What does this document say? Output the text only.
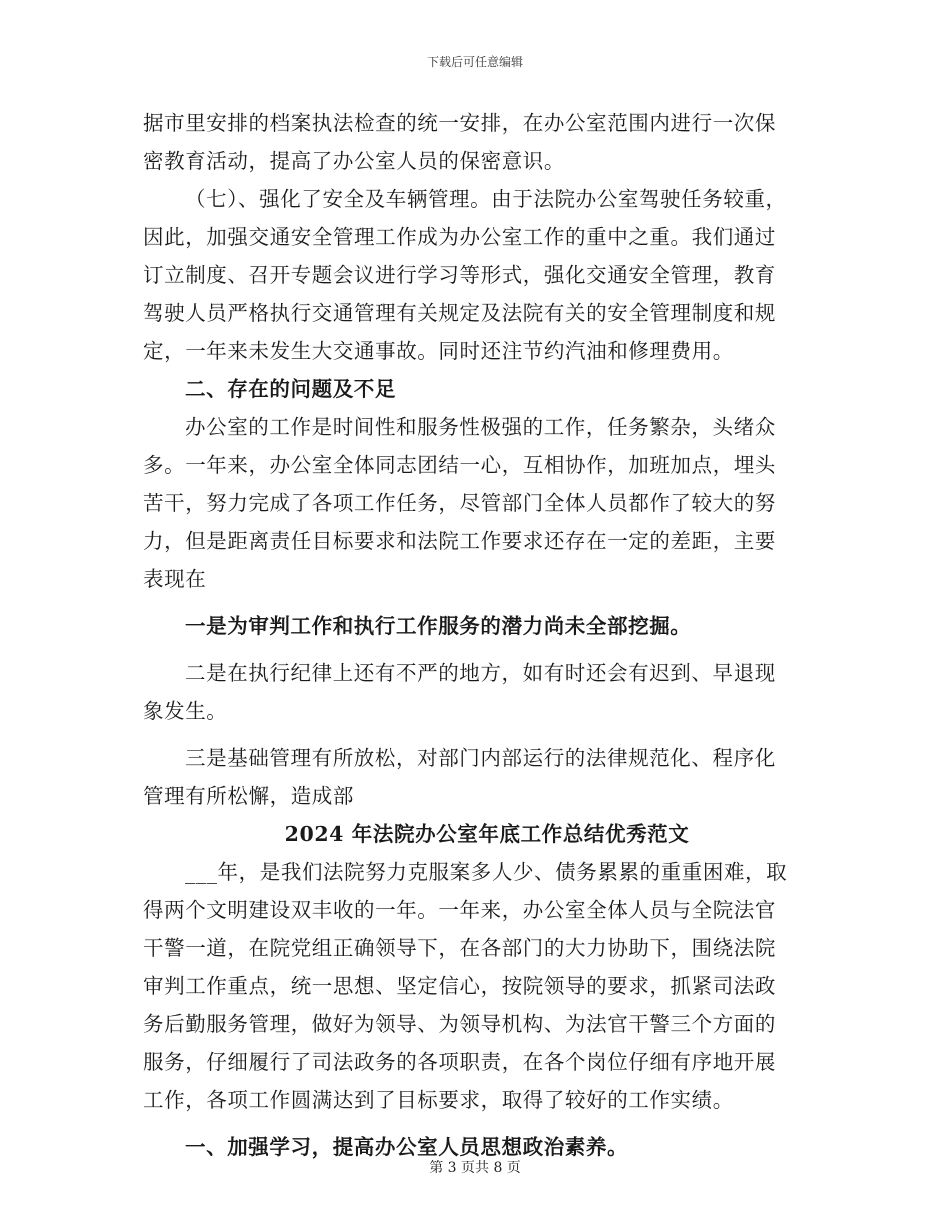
下载后可任意编辑
据市里安排的档案执法检查的统一安排，在办公室范围内进行一次保
密教育活动，提高了办公室人员的保密意识。
（七）、强化了安全及车辆管理。由于法院办公室驾驶任务较重，
因此，加强交通安全管理工作成为办公室工作的重中之重。我们通过
订立制度、召开专题会议进行学习等形式，强化交通安全管理，教育
驾驶人员严格执行交通管理有关规定及法院有关的安全管理制度和规
定，一年来未发生大交通事故。同时还注节约汽油和修理费用。
二、存在的问题及不足
办公室的工作是时间性和服务性极强的工作，任务繁杂，头绪众
多。一年来，办公室全体同志团结一心，互相协作，加班加点，埋头
苦干，努力完成了各项工作任务，尽管部门全体人员都作了较大的努
力，但是距离责任目标要求和法院工作要求还存在一定的差距，主要
表现在
一是为审判工作和执行工作服务的潜力尚未全部挖掘。
二是在执行纪律上还有不严的地方，如有时还会有迟到、早退现
象发生。
三是基础管理有所放松，对部门内部运行的法律规范化、程序化
管理有所松懈，造成部
2024 年法院办公室年底工作总结优秀范文
___年，是我们法院努力克服案多人少、债务累累的重重困难，取
得两个文明建设双丰收的一年。一年来，办公室全体人员与全院法官
干警一道，在院党组正确领导下，在各部门的大力协助下，围绕法院
审判工作重点，统一思想、坚定信心，按院领导的要求，抓紧司法政
务后勤服务管理，做好为领导、为领导机构、为法官干警三个方面的
服务，仔细履行了司法政务的各项职责，在各个岗位仔细有序地开展
工作，各项工作圆满达到了目标要求，取得了较好的工作实绩。
一、加强学习，提高办公室人员思想政治素养。
第 3 页共 8 页
